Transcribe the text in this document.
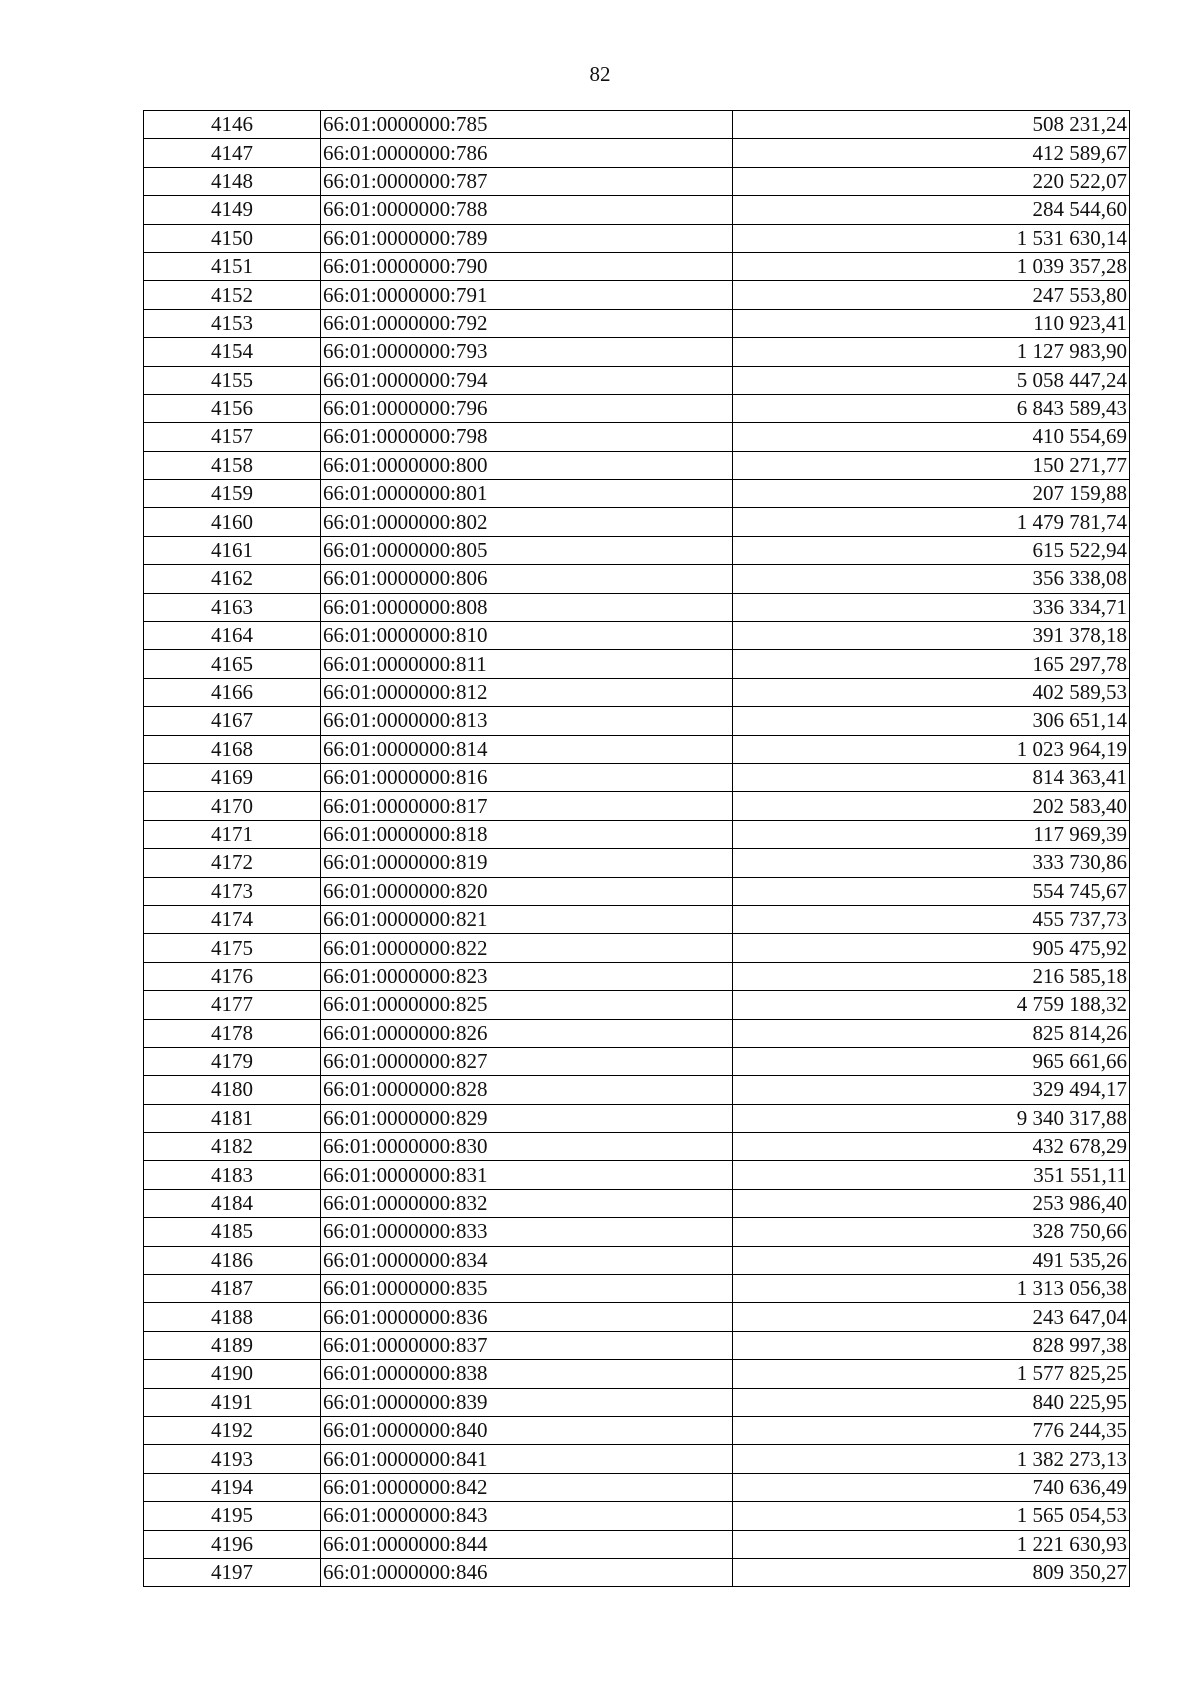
82
4146	66:01:0000000:785	508 231,24
4147	66:01:0000000:786	412 589,67
4148	66:01:0000000:787	220 522,07
4149	66:01:0000000:788	284 544,60
4150	66:01:0000000:789	1 531 630,14
4151	66:01:0000000:790	1 039 357,28
4152	66:01:0000000:791	247 553,80
4153	66:01:0000000:792	110 923,41
4154	66:01:0000000:793	1 127 983,90
4155	66:01:0000000:794	5 058 447,24
4156	66:01:0000000:796	6 843 589,43
4157	66:01:0000000:798	410 554,69
4158	66:01:0000000:800	150 271,77
4159	66:01:0000000:801	207 159,88
4160	66:01:0000000:802	1 479 781,74
4161	66:01:0000000:805	615 522,94
4162	66:01:0000000:806	356 338,08
4163	66:01:0000000:808	336 334,71
4164	66:01:0000000:810	391 378,18
4165	66:01:0000000:811	165 297,78
4166	66:01:0000000:812	402 589,53
4167	66:01:0000000:813	306 651,14
4168	66:01:0000000:814	1 023 964,19
4169	66:01:0000000:816	814 363,41
4170	66:01:0000000:817	202 583,40
4171	66:01:0000000:818	117 969,39
4172	66:01:0000000:819	333 730,86
4173	66:01:0000000:820	554 745,67
4174	66:01:0000000:821	455 737,73
4175	66:01:0000000:822	905 475,92
4176	66:01:0000000:823	216 585,18
4177	66:01:0000000:825	4 759 188,32
4178	66:01:0000000:826	825 814,26
4179	66:01:0000000:827	965 661,66
4180	66:01:0000000:828	329 494,17
4181	66:01:0000000:829	9 340 317,88
4182	66:01:0000000:830	432 678,29
4183	66:01:0000000:831	351 551,11
4184	66:01:0000000:832	253 986,40
4185	66:01:0000000:833	328 750,66
4186	66:01:0000000:834	491 535,26
4187	66:01:0000000:835	1 313 056,38
4188	66:01:0000000:836	243 647,04
4189	66:01:0000000:837	828 997,38
4190	66:01:0000000:838	1 577 825,25
4191	66:01:0000000:839	840 225,95
4192	66:01:0000000:840	776 244,35
4193	66:01:0000000:841	1 382 273,13
4194	66:01:0000000:842	740 636,49
4195	66:01:0000000:843	1 565 054,53
4196	66:01:0000000:844	1 221 630,93
4197	66:01:0000000:846	809 350,27
